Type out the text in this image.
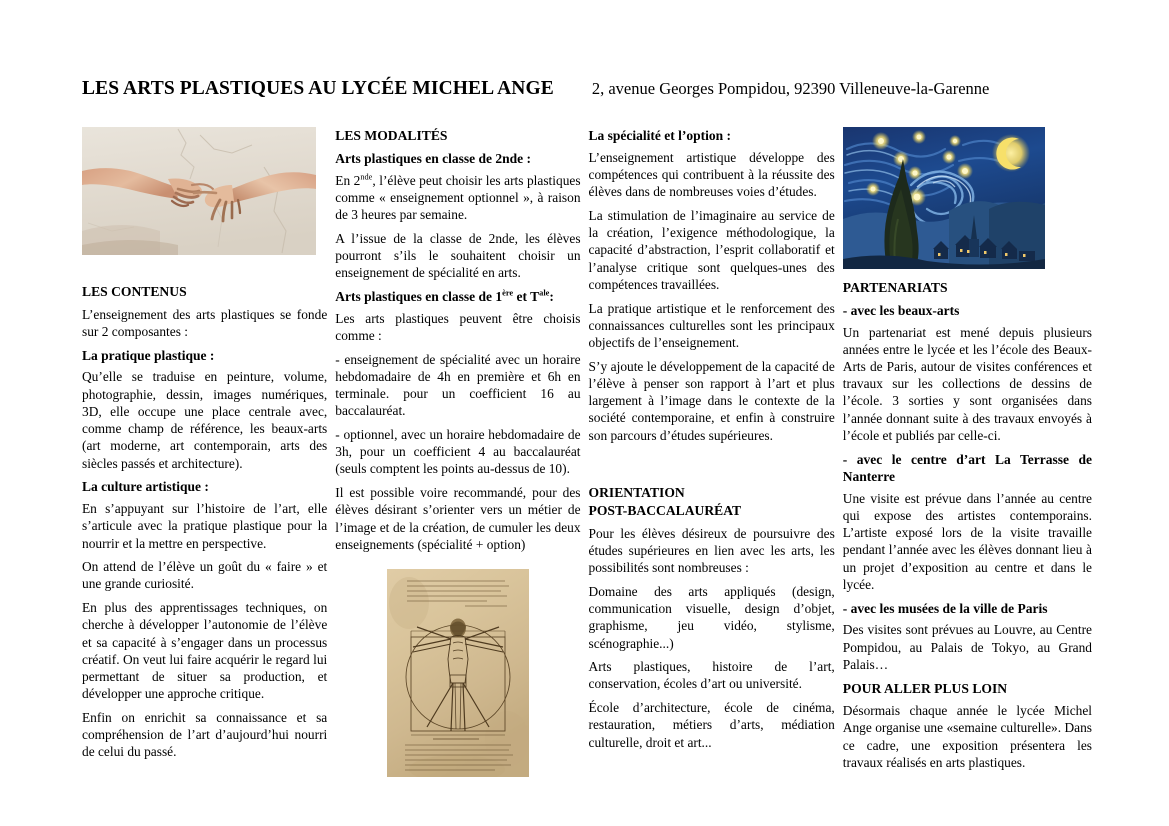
LES ARTS PLASTIQUES AU LYCÉE MICHEL ANGE 2, avenue Georges Pompidou, 92390 Villeneuve-la-Garenne
LES CONTENUS

L’enseignement des arts plastiques se fonde sur 2 composantes :

La pratique plastique :

Qu’elle se traduise en peinture, volume, photographie, dessin, images numériques, 3D, elle occupe une place centrale avec, comme champ de référence, les beaux-arts (art moderne, art contemporain, arts des siècles passés et architecture).

La culture artistique :

En s’appuyant sur l’histoire de l’art, elle s’articule avec la pratique plastique pour la nourrir et la mettre en perspective.

On attend de l’élève un goût du « faire » et une grande curiosité.

En plus des apprentissages techniques, on cherche à développer l’autonomie de l’élève et sa capacité à s’engager dans un processus créatif. On veut lui faire acquérir le regard lui permettant de situer sa production, et développer une approche critique.

Enfin on enrichit sa connaissance et sa compréhension de l’art d’aujourd’hui nourri de celui du passé.

LES MODALITÉS
Arts plastiques en classe de 2nde :

En 2nde, l’élève peut choisir les arts plastiques comme « enseignement optionnel », à raison de 3 heures par semaine.

A l’issue de la classe de 2nde, les élèves pourront s’ils le souhaitent choisir un enseignement de spécialité en arts.

Arts plastiques en classe de 1ère et $T^{ale}$:

Les arts plastiques peuvent être choisis comme :

- enseignement de spécialité avec un horaire hebdomadaire de 4h en première et 6h en terminale. pour un coefficient 16 au baccalauréat.

- optionnel, avec un horaire hebdomadaire de 3h, pour un coefficient 4 au baccalauréat (seuls comptent les points au-dessus de 10).

Il est possible voire recommandé, pour des élèves désirant s’orienter vers un métier de l’image et de la création, de cumuler les deux enseignements (spécialité + option)

La spécialité et l’option :

L’enseignement artistique développe des compétences qui contribuent à la réussite des élèves dans de nombreuses voies d’études.

La stimulation de l’imaginaire au service de la création, l’exigence méthodologique, la capacité d’abstraction, l’esprit collaboratif et l’analyse critique sont quelques-unes des compétences travaillées.

La pratique artistique et le renforcement des connaissances culturelles sont les principaux objectifs de l’enseignement.

S’y ajoute le développement de la capacité de l’élève à penser son rapport à l’art et plus largement à l’image dans le contexte de la société contemporaine, et enfin à construire son parcours d’études supérieures.

ORIENTATION
POST-BACCALAURÉAT

Pour les élèves désireux de poursuivre des études supérieures en lien avec les arts, les possibilités sont nombreuses :

Domaine des arts appliqués (design, communication visuelle, design d’objet, graphisme, jeu vidéo, stylisme, scénographie...)

Arts plastiques, histoire de l’art, conservation, écoles d’art ou université.

École d’architecture, école de cinéma, restauration, métiers d’arts, médiation culturelle, droit et art...

PARTENARIATS
- avec les beaux-arts

Un partenariat est mené depuis plusieurs années entre le lycée et les l’école des Beaux-Arts de Paris, autour de visites conférences et travaux sur les collections de dessins de l’école. 3 sorties y sont organisées dans l’année donnant suite à des travaux envoyés à l’école et publiés par celle-ci.

- avec le centre d’art La Terrasse de Nanterre

Une visite est prévue dans l’année au centre qui expose des artistes contemporains. L’artiste exposé lors de la visite travaille pendant l’année avec les élèves donnant lieu à un projet d’exposition au centre et dans le lycée.

- avec les musées de la ville de Paris

Des visites sont prévues au Louvre, au Centre Pompidou, au Palais de Tokyo, au Grand Palais…

POUR ALLER PLUS LOIN

Désormais chaque année le lycée Michel Ange organise une «semaine culturelle». Dans ce cadre, une exposition présentera les travaux réalisés en arts plastiques.
